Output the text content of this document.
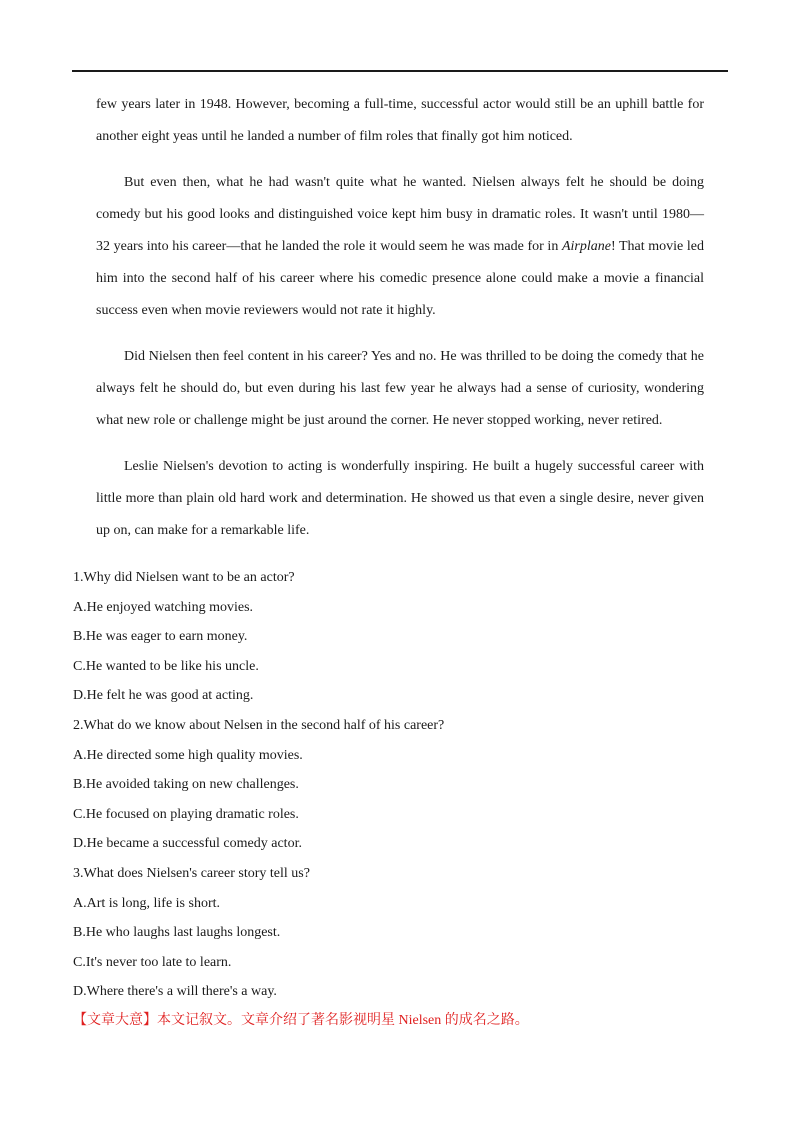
few years later in 1948. However, becoming a full-time, successful actor would still be an uphill battle for another eight yeas until he landed a number of film roles that finally got him noticed.

But even then, what he had wasn't quite what he wanted. Nielsen always felt he should be doing comedy but his good looks and distinguished voice kept him busy in dramatic roles. It wasn't until 1980—32 years into his career—that he landed the role it would seem he was made for in Airplane! That movie led him into the second half of his career where his comedic presence alone could make a movie a financial success even when movie reviewers would not rate it highly.

Did Nielsen then feel content in his career? Yes and no. He was thrilled to be doing the comedy that he always felt he should do, but even during his last few year he always had a sense of curiosity, wondering what new role or challenge might be just around the corner. He never stopped working, never retired.

Leslie Nielsen's devotion to acting is wonderfully inspiring. He built a hugely successful career with little more than plain old hard work and determination. He showed us that even a single desire, never given up on, can make for a remarkable life.

1.Why did Nielsen want to be an actor?
A.He enjoyed watching movies.
B.He was eager to earn money.
C.He wanted to be like his uncle.
D.He felt he was good at acting.
2.What do we know about Nelsen in the second half of his career?
A.He directed some high quality movies.
B.He avoided taking on new challenges.
C.He focused on playing dramatic roles.
D.He became a successful comedy actor.
3.What does Nielsen's career story tell us?
A.Art is long, life is short.
B.He who laughs last laughs longest.
C.It's never too late to learn.
D.Where there's a will there's a way.
【文章大意】本文记叙文。文章介绍了著名影视明星 Nielsen 的成名之路。
